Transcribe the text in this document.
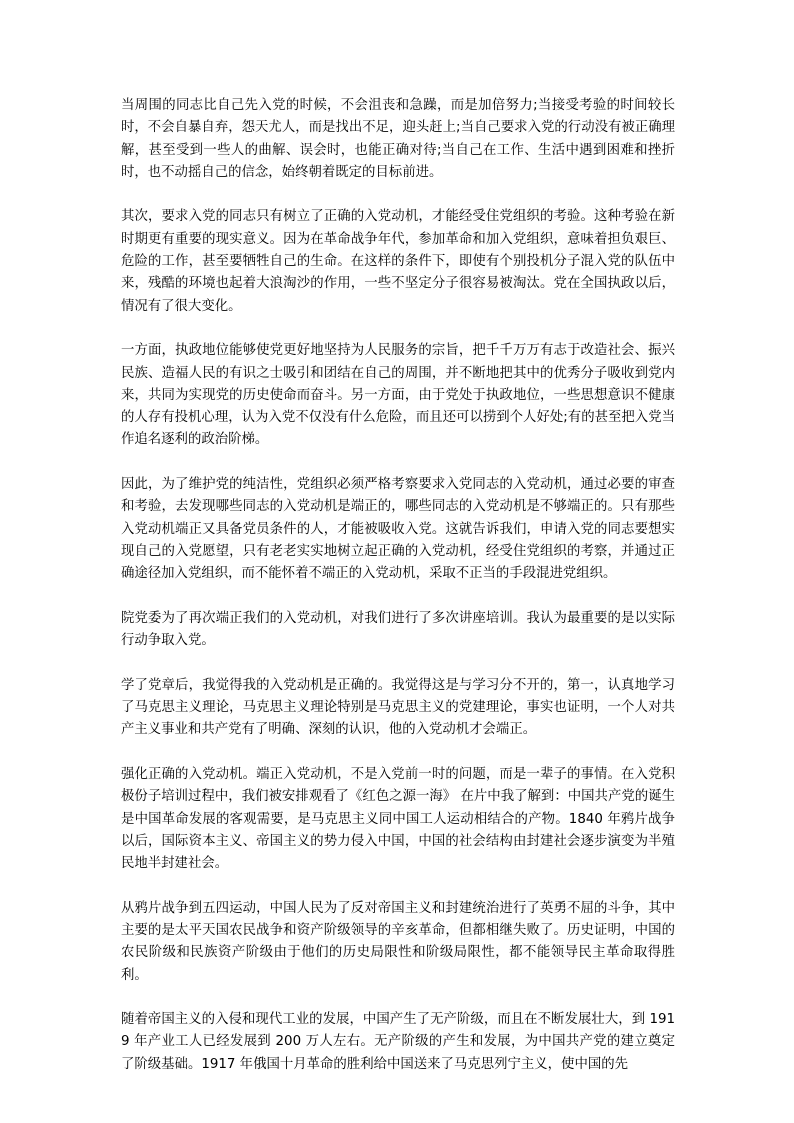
当周围的同志比自己先入党的时候，不会沮丧和急躁，而是加倍努力;当接受考验的时间较长时，不会自暴自弃，怨天尤人，而是找出不足，迎头赶上;当自己要求入党的行动没有被正确理解，甚至受到一些人的曲解、误会时，也能正确对待;当自己在工作、生活中遇到困难和挫折时，也不动摇自己的信念，始终朝着既定的目标前进。

其次，要求入党的同志只有树立了正确的入党动机，才能经受住党组织的考验。这种考验在新时期更有重要的现实意义。因为在革命战争年代，参加革命和加入党组织，意味着担负艰巨、危险的工作，甚至要牺牲自己的生命。在这样的条件下，即使有个别投机分子混入党的队伍中来，残酷的环境也起着大浪淘沙的作用，一些不坚定分子很容易被淘汰。党在全国执政以后，情况有了很大变化。

一方面，执政地位能够使党更好地坚持为人民服务的宗旨，把千千万万有志于改造社会、振兴民族、造福人民的有识之士吸引和团结在自己的周围，并不断地把其中的优秀分子吸收到党内来，共同为实现党的历史使命而奋斗。另一方面，由于党处于执政地位，一些思想意识不健康的人存有投机心理，认为入党不仅没有什么危险，而且还可以捞到个人好处;有的甚至把入党当作追名逐利的政治阶梯。

因此，为了维护党的纯洁性，党组织必须严格考察要求入党同志的入党动机，通过必要的审查和考验，去发现哪些同志的入党动机是端正的，哪些同志的入党动机是不够端正的。只有那些入党动机端正又具备党员条件的人，才能被吸收入党。这就告诉我们，申请入党的同志要想实现自己的入党愿望，只有老老实实地树立起正确的入党动机，经受住党组织的考察，并通过正确途径加入党组织，而不能怀着不端正的入党动机，采取不正当的手段混进党组织。

院党委为了再次端正我们的入党动机，对我们进行了多次讲座培训。我认为最重要的是以实际行动争取入党。

学了党章后，我觉得我的入党动机是正确的。我觉得这是与学习分不开的，第一，认真地学习了马克思主义理论，马克思主义理论特别是马克思主义的党建理论，事实也证明，一个人对共产主义事业和共产党有了明确、深刻的认识，他的入党动机才会端正。

强化正确的入党动机。端正入党动机，不是入党前一时的问题，而是一辈子的事情。在入党积极份子培训过程中，我们被安排观看了《红色之源一海》 在片中我了解到：中国共产党的诞生是中国革命发展的客观需要，是马克思主义同中国工人运动相结合的产物。1840 年鸦片战争以后，国际资本主义、帝国主义的势力侵入中国，中国的社会结构由封建社会逐步演变为半殖民地半封建社会。

从鸦片战争到五四运动，中国人民为了反对帝国主义和封建统治进行了英勇不屈的斗争，其中主要的是太平天国农民战争和资产阶级领导的辛亥革命，但都相继失败了。历史证明，中国的农民阶级和民族资产阶级由于他们的历史局限性和阶级局限性，都不能领导民主革命取得胜利。

随着帝国主义的入侵和现代工业的发展，中国产生了无产阶级，而且在不断发展壮大，到 1919 年产业工人已经发展到 200 万人左右。无产阶级的产生和发展，为中国共产党的建立奠定了阶级基础。1917 年俄国十月革命的胜利给中国送来了马克思列宁主义，使中国的先
